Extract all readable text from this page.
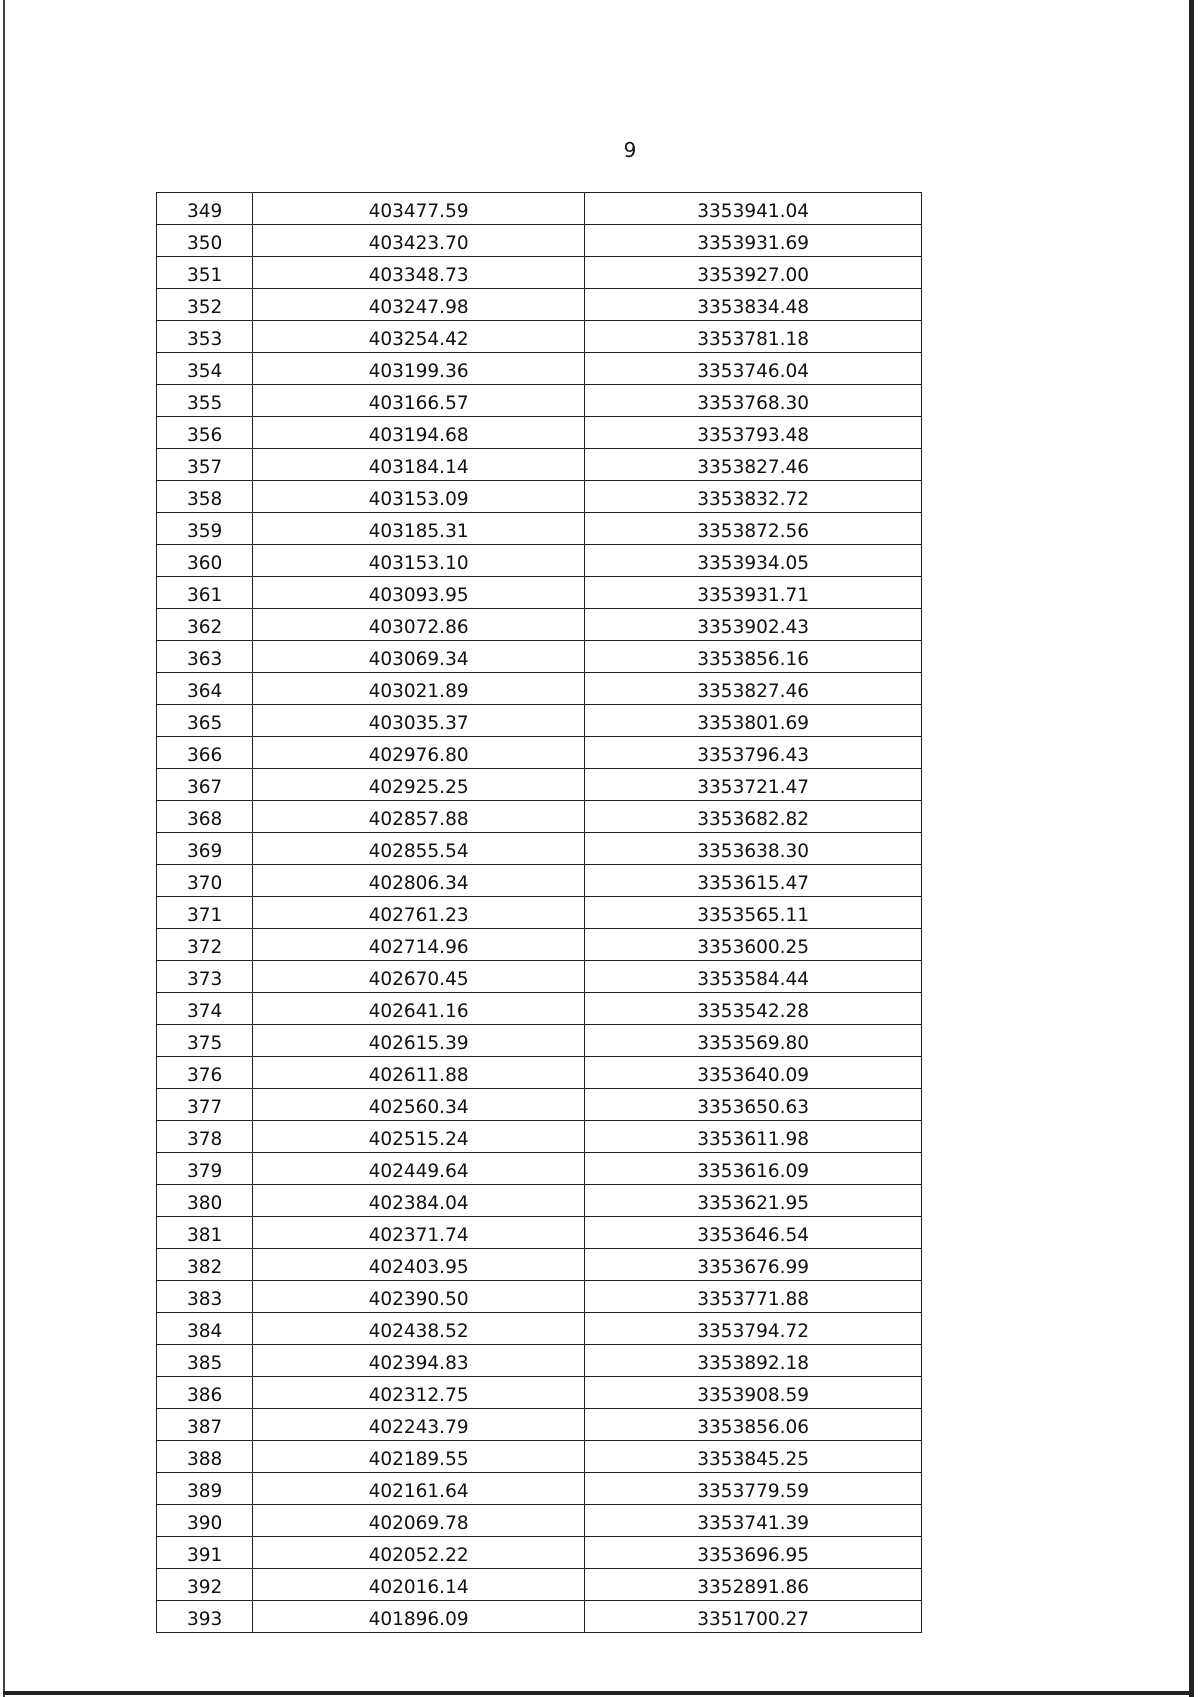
9
349	403477.59	3353941.04
350	403423.70	3353931.69
351	403348.73	3353927.00
352	403247.98	3353834.48
353	403254.42	3353781.18
354	403199.36	3353746.04
355	403166.57	3353768.30
356	403194.68	3353793.48
357	403184.14	3353827.46
358	403153.09	3353832.72
359	403185.31	3353872.56
360	403153.10	3353934.05
361	403093.95	3353931.71
362	403072.86	3353902.43
363	403069.34	3353856.16
364	403021.89	3353827.46
365	403035.37	3353801.69
366	402976.80	3353796.43
367	402925.25	3353721.47
368	402857.88	3353682.82
369	402855.54	3353638.30
370	402806.34	3353615.47
371	402761.23	3353565.11
372	402714.96	3353600.25
373	402670.45	3353584.44
374	402641.16	3353542.28
375	402615.39	3353569.80
376	402611.88	3353640.09
377	402560.34	3353650.63
378	402515.24	3353611.98
379	402449.64	3353616.09
380	402384.04	3353621.95
381	402371.74	3353646.54
382	402403.95	3353676.99
383	402390.50	3353771.88
384	402438.52	3353794.72
385	402394.83	3353892.18
386	402312.75	3353908.59
387	402243.79	3353856.06
388	402189.55	3353845.25
389	402161.64	3353779.59
390	402069.78	3353741.39
391	402052.22	3353696.95
392	402016.14	3352891.86
393	401896.09	3351700.27
